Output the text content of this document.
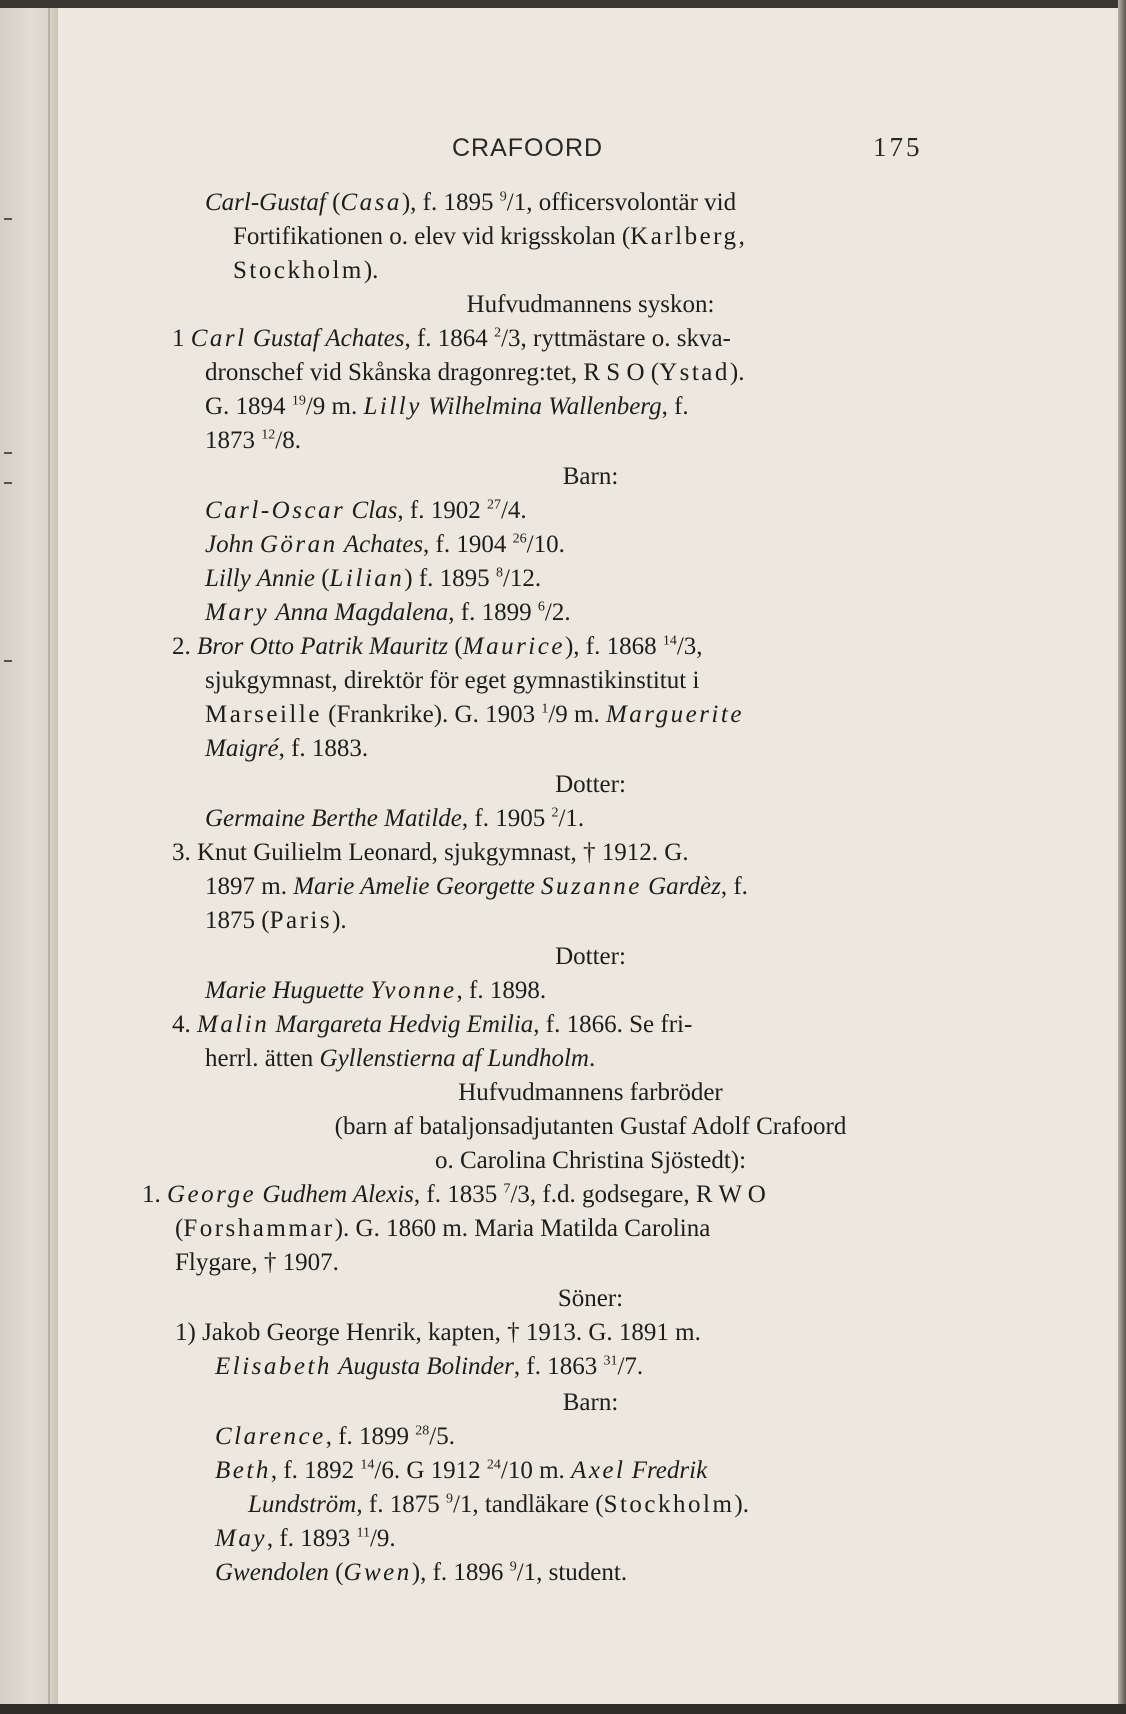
CRAFOORD	175
Carl-Gustaf (Casa), f. 1895 $^9$/1, officersvolontär vid
Fortifikationen o. elev vid krigsskolan (Karlberg,
Stockholm).
Hufvudmannens syskon:
1 Carl Gustaf Achates, f. 1864 $^2$/3, ryttmästare o. skva-
dronschef vid Skånska dragonreg:tet, R S O (Ystad).
G. 1894 $^{19}$/9 m. Lilly Wilhelmina Wallenberg, f.
1873 $^{12}$/8.
Barn:
Carl-Oscar Clas, f. 1902 $^{27}$/4.
John Göran Achates, f. 1904 $^{26}$/10.
Lilly Annie (Lilian) f. 1895 $^8$/12.
Mary Anna Magdalena, f. 1899 $^6$/2.
2. Bror Otto Patrik Mauritz (Maurice), f. 1868 $^{14}$/3,
sjukgymnast, direktör för eget gymnastikinstitut i
Marseille (Frankrike). G. 1903 $^1$/9 m. Marguerite
Maigré, f. 1883.
Dotter:
Germaine Berthe Matilde, f. 1905 $^2$/1.
3. Knut Guilielm Leonard, sjukgymnast, † 1912. G.
1897 m. Marie Amelie Georgette Suzanne Gardèz, f.
1875 (Paris).
Dotter:
Marie Huguette Yvonne, f. 1898.
4. Malin Margareta Hedvig Emilia, f. 1866. Se fri-
herrl. ätten Gyllenstierna af Lundholm.
Hufvudmannens farbröder
(barn af bataljonsadjutanten Gustaf Adolf Crafoord
o. Carolina Christina Sjöstedt):
1. George Gudhem Alexis, f. 1835 $^7$/3, f.d. godsegare, R W O
(Forshammar). G. 1860 m. Maria Matilda Carolina
Flygare, † 1907.
Söner:
1) Jakob George Henrik, kapten, † 1913. G. 1891 m.
Elisabeth Augusta Bolinder, f. 1863 $^{31}$/7.
Barn:
Clarence, f. 1899 $^{28}$/5.
Beth, f. 1892 $^{14}$/6. G 1912 $^{24}$/10 m. Axel Fredrik
Lundström, f. 1875 $^9$/1, tandläkare (Stockholm).
May, f. 1893 $^{11}$/9.
Gwendolen (Gwen), f. 1896 $^9$/1, student.
